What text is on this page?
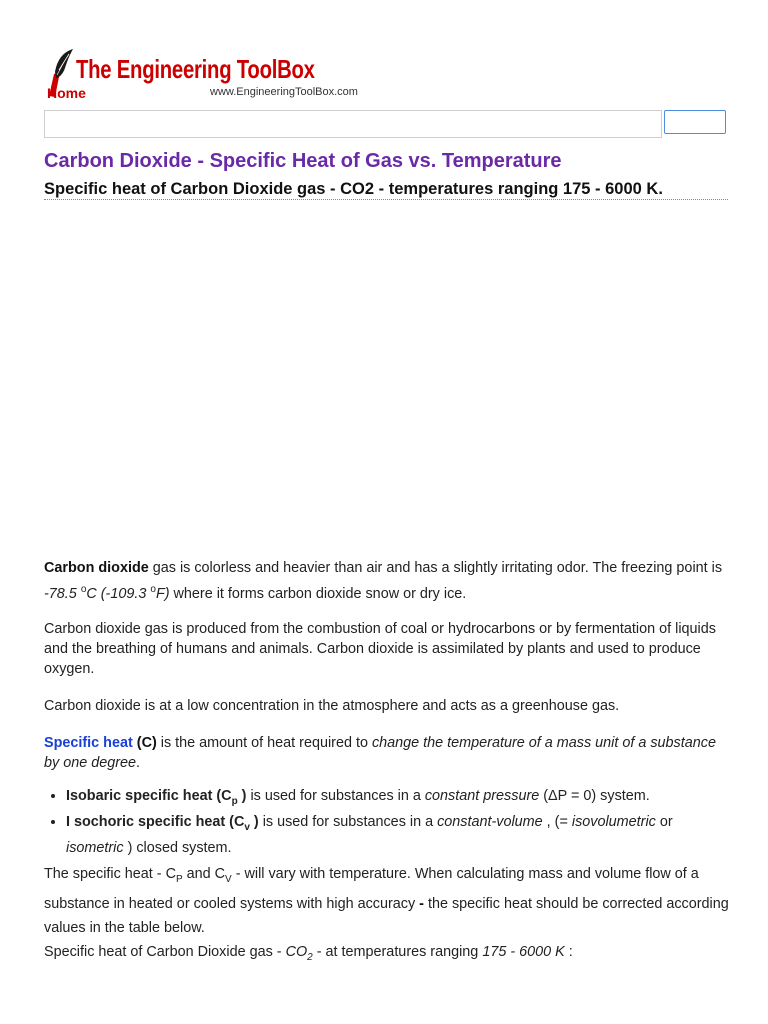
The Engineering ToolBox
Home	www.EngineeringToolBox.com
Carbon Dioxide - Specific Heat of Gas vs. Temperature
Specific heat of Carbon Dioxide gas - CO2 - temperatures ranging 175 - 6000 K.

Carbon dioxide gas is colorless and heavier than air and has a slightly irritating odor. The freezing point is -78.5 $^o$C (-109.3 $^o$F) where it forms carbon dioxide snow or dry ice.

Carbon dioxide gas is produced from the combustion of coal or hydrocarbons or by fermentation of liquids and the breathing of humans and animals. Carbon dioxide is assimilated by plants and used to produce oxygen.

Carbon dioxide is at a low concentration in the atmosphere and acts as a greenhouse gas.

Specific heat (C) is the amount of heat required to change the temperature of a mass unit of a substance by one degree.

• Isobaric specific heat ($C_p$ ) is used for substances in a constant pressure (ΔP = 0) system.
• I sochoric specific heat ($C_v$ ) is used for substances in a constant-volume , (= isovolumetric or isometric ) closed system.

The specific heat - $C_P$ and $C_V$ - will vary with temperature. When calculating mass and volume flow of a substance in heated or cooled systems with high accuracy - the specific heat should be corrected according values in the table below.

Specific heat of Carbon Dioxide gas - $CO_2$ - at temperatures ranging 175 - 6000 K :
